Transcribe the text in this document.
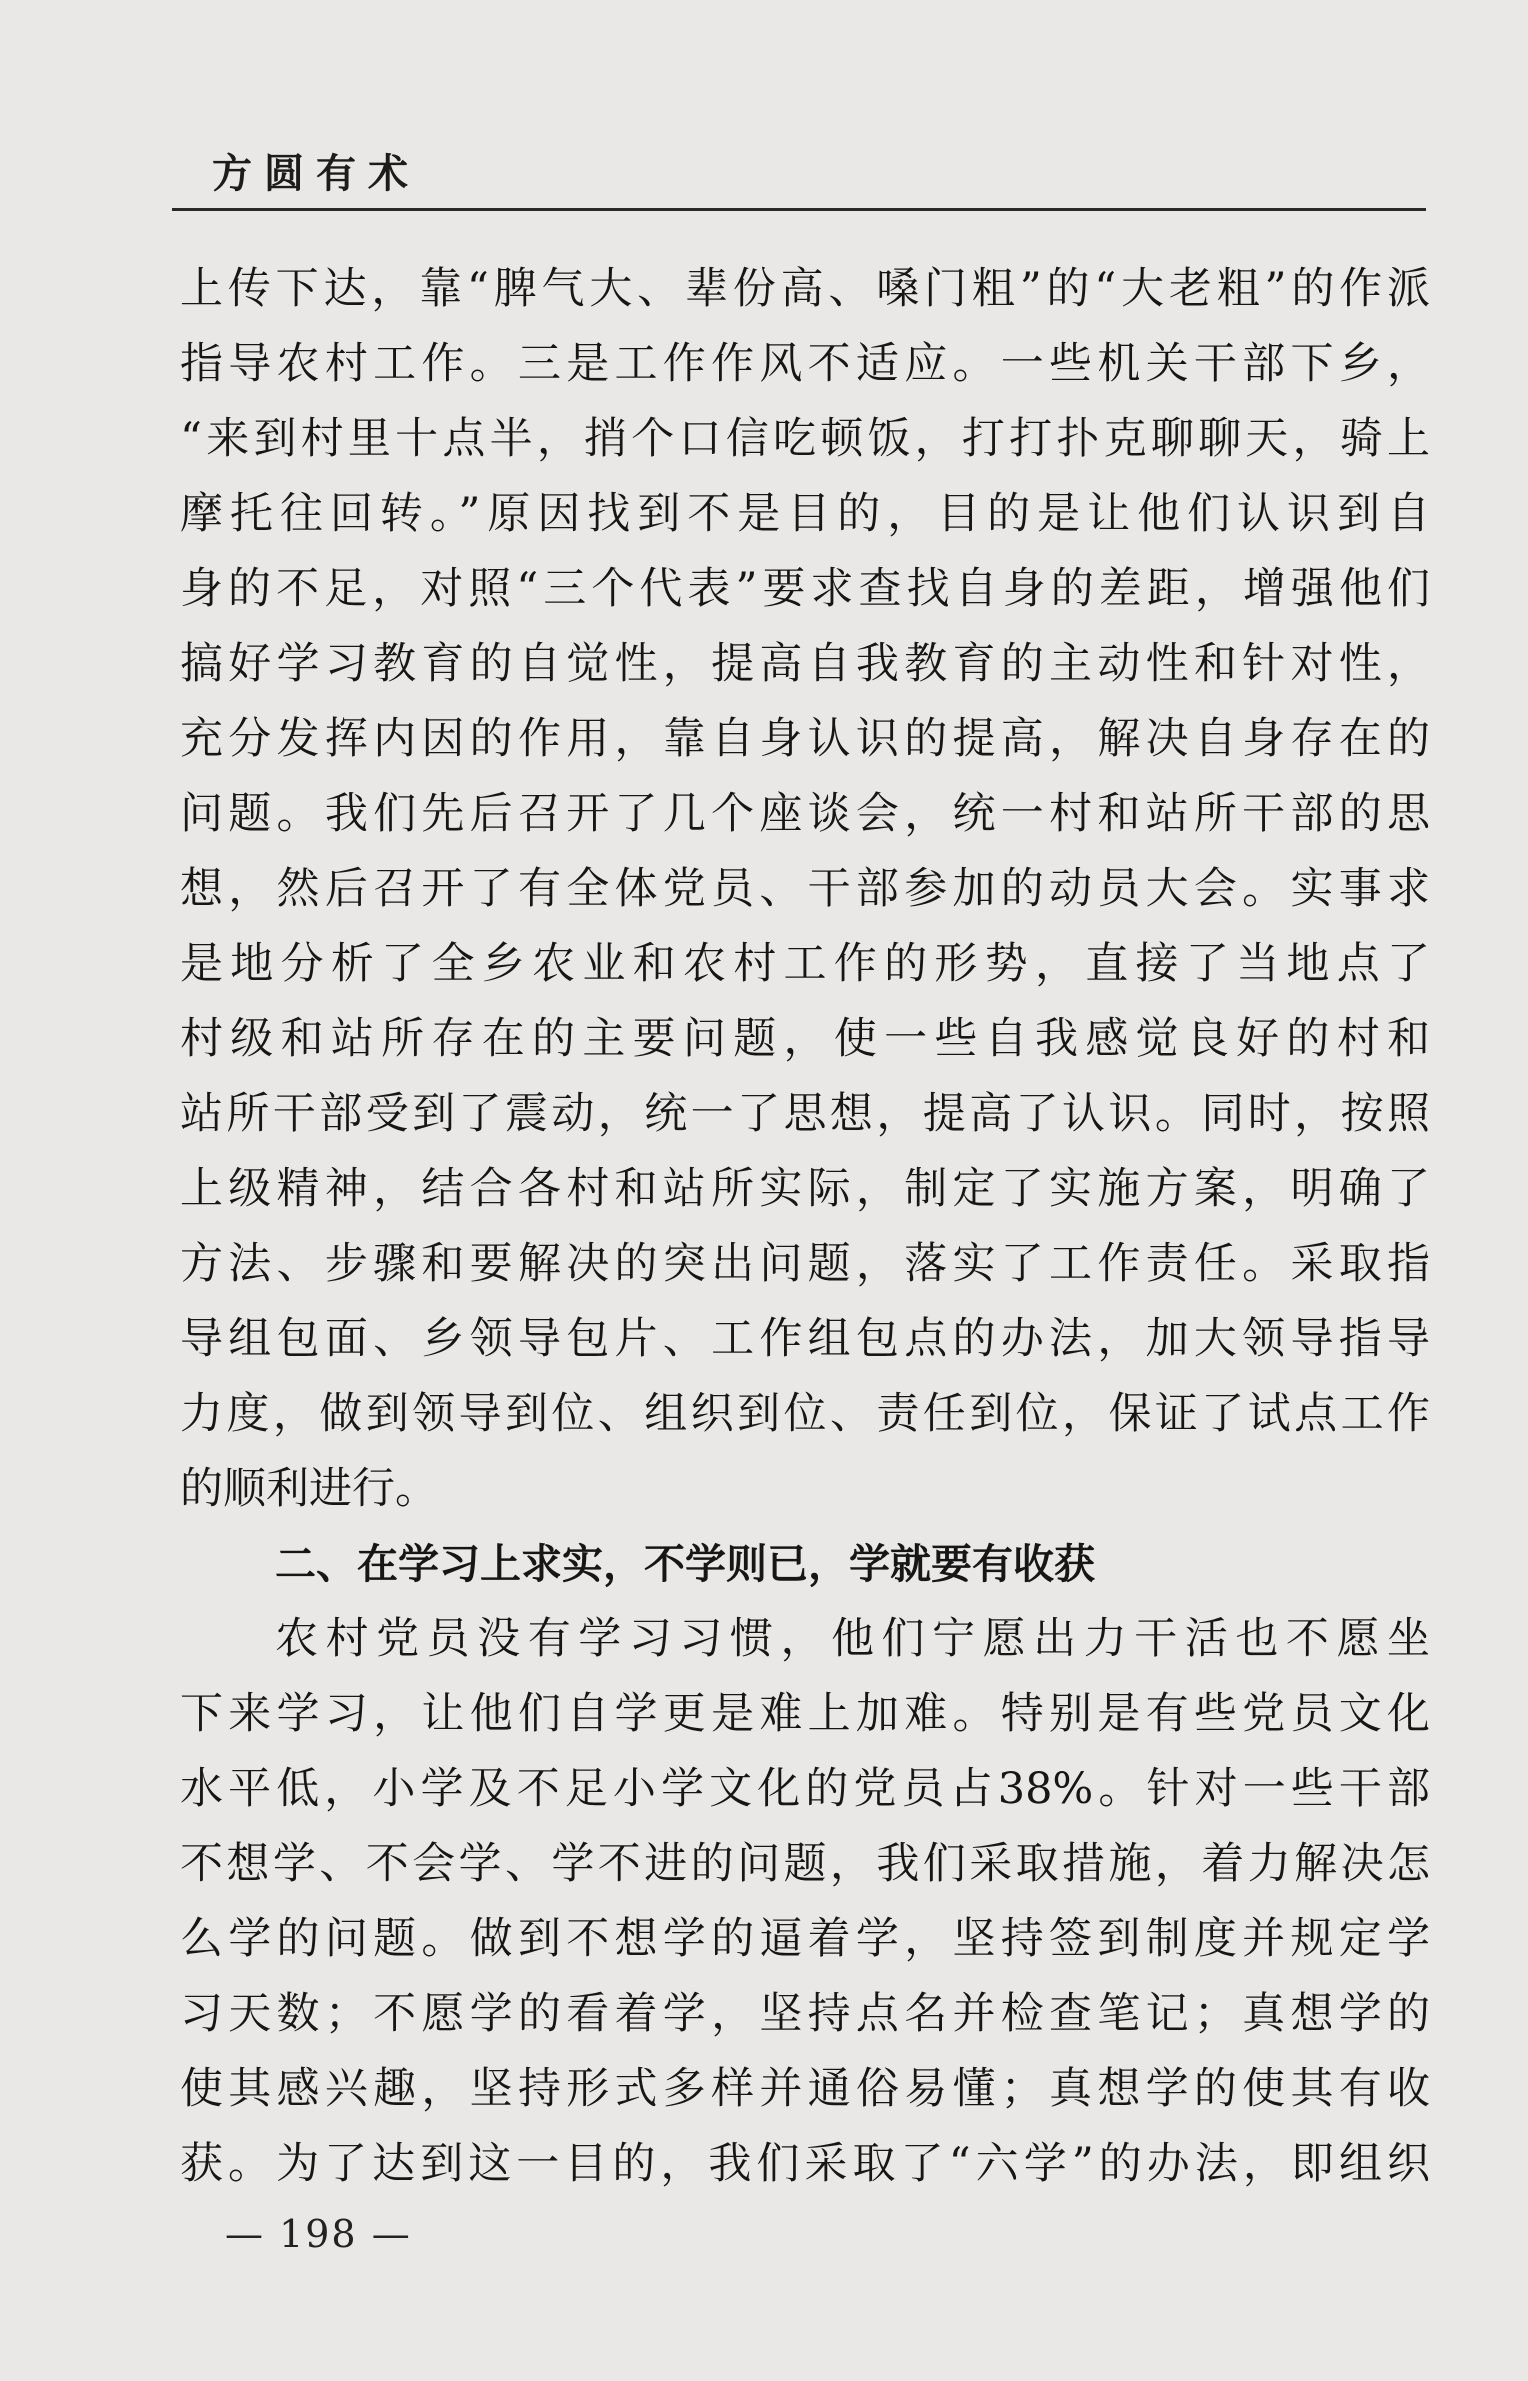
方圆有术
上传下达，靠“脾气大、辈份高、嗓门粗”的“大老粗”的作派
指导农村工作。三是工作作风不适应。一些机关干部下乡，
“来到村里十点半，捎个口信吃顿饭，打打扑克聊聊天，骑上
摩托往回转。”原因找到不是目的，目的是让他们认识到自
身的不足，对照“三个代表”要求查找自身的差距，增强他们
搞好学习教育的自觉性，提高自我教育的主动性和针对性，
充分发挥内因的作用，靠自身认识的提高，解决自身存在的
问题。我们先后召开了几个座谈会，统一村和站所干部的思
想，然后召开了有全体党员、干部参加的动员大会。实事求
是地分析了全乡农业和农村工作的形势，直接了当地点了
村级和站所存在的主要问题，使一些自我感觉良好的村和
站所干部受到了震动，统一了思想，提高了认识。同时，按照
上级精神，结合各村和站所实际，制定了实施方案，明确了
方法、步骤和要解决的突出问题，落实了工作责任。采取指
导组包面、乡领导包片、工作组包点的办法，加大领导指导
力度，做到领导到位、组织到位、责任到位，保证了试点工作
的顺利进行。
二、在学习上求实，不学则已，学就要有收获
农村党员没有学习习惯，他们宁愿出力干活也不愿坐
下来学习，让他们自学更是难上加难。特别是有些党员文化
水平低，小学及不足小学文化的党员占38%。针对一些干部
不想学、不会学、学不进的问题，我们采取措施，着力解决怎
么学的问题。做到不想学的逼着学，坚持签到制度并规定学
习天数；不愿学的看着学，坚持点名并检查笔记；真想学的
使其感兴趣，坚持形式多样并通俗易懂；真想学的使其有收
获。为了达到这一目的，我们采取了“六学”的办法，即组织
— 198 —
